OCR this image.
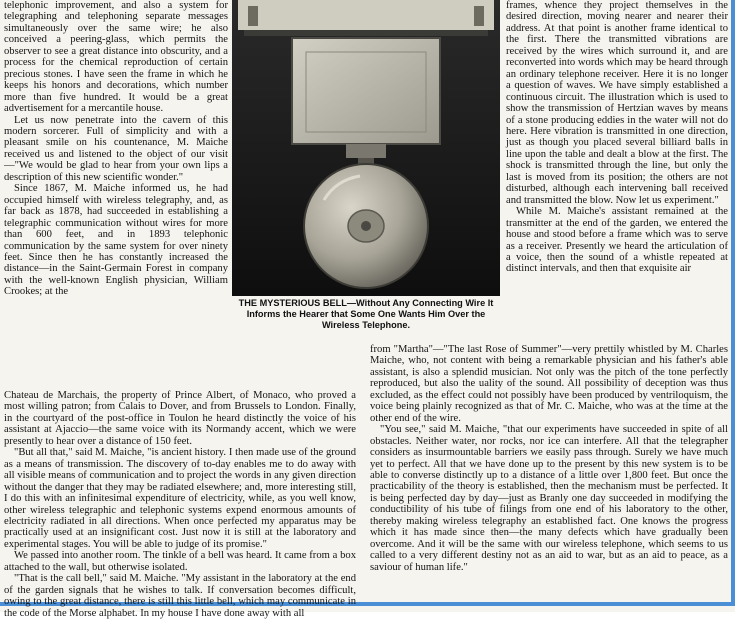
telephonic improvement, and also a system for telegraphing and telephoning separate messages simultaneously over the same wire; he also conceived a peering-glass, which permits the observer to see a great distance into obscurity, and a process for the chemical reproduction of certain precious stones. I have seen the frame in which he keeps his honors and decorations, which number more than five hundred. It would be a great advertisement for a mercantile house.

Let us now penetrate into the cavern of this modern sorcerer. Full of simplicity and with a pleasant smile on his countenance, M. Maiche received us and listened to the object of our visit—"We would be glad to hear from your own lips a description of this new scientific wonder."

Since 1867, M. Maiche informed us, he had occupied himself with wireless telegraphy, and, as far back as 1878, had succeeded in establishing a telegraphic communication without wires for more than 600 feet, and in 1893 telephonic communication by the same system for over ninety feet. Since then he has constantly increased the distance—in the Saint-Germain Forest in company with the well-known English physician, William Crookes; at the

THE MYSTERIOUS BELL—Without Any Connecting Wire It Informs the Hearer that Some One Wants Him Over the Wireless Telephone.

frames, whence they project themselves in the desired direction, moving nearer and nearer their address. At that point is another frame identical to the first. There the transmitted vibrations are received by the wires which surround it, and are reconverted into words which may be heard through an ordinary telephone receiver. Here it is no longer a question of waves. We have simply established a continuous circuit. The illustration which is used to show the transmission of Hertzian waves by means of a stone producing eddies in the water will not do here. Here vibration is transmitted in one direction, just as though you placed several billiard balls in line upon the table and dealt a blow at the first. The shock is transmitted through the line, but only the last is moved from its position; the others are not disturbed, although each intervening ball received and transmitted the blow. Now let us experiment."

While M. Maiche's assistant remained at the transmitter at the end of the garden, we entered the house and stood before a frame which was to serve as a receiver. Presently we heard the articulation of a voice, then the sound of a whistle repeated at distinct intervals, and then that exquisite air

Chateau de Marchais, the property of Prince Albert, of Monaco, who proved a most willing patron; from Calais to Dover, and from Brussels to London. Finally, in the courtyard of the post-office in Toulon he heard distinctly the voice of his assistant at Ajaccio—the same voice with its Normandy accent, which we were presently to hear over a distance of 150 feet.

"But all that," said M. Maiche, "is ancient history. I then made use of the ground as a means of transmission. The discovery of to-day enables me to do away with all visible means of communication and to project the words in any given direction without the danger that they may be radiated elsewhere; and, more interesting still, I do this with an infinitesimal expenditure of electricity, while, as you well know, other wireless telegraphic and telephonic systems expend enormous amounts of electricity radiated in all directions. When once perfected my apparatus may be practically used at an insignificant cost. Just now it is still at the laboratory and experimental stages. You will be able to judge of its promise."

We passed into another room. The tinkle of a bell was heard. It came from a box attached to the wall, but otherwise isolated.

"That is the call bell," said M. Maiche. "My assistant in the laboratory at the end of the garden signals that he wishes to talk. If conversation becomes difficult, owing to the great distance, there is still this little bell, which may communicate in the code of the Morse alphabet. In my house I have done away with all

from "Martha"—"The last Rose of Summer"—very prettily whistled by M. Charles Maiche, who, not content with being a remarkable physician and his father's able assistant, is also a splendid musician. Not only was the pitch of the tone perfectly reproduced, but also the uality of the sound. All possibility of deception was thus excluded, as the effect could not possibly have been produced by ventriloquism, the voice being plainly recognized as that of Mr. C. Maiche, who was at the time at the other end of the wire.

"You see," said M. Maiche, "that our experiments have succeeded in spite of all obstacles. Neither water, nor rocks, nor ice can interfere. All that the telegrapher considers as insurmountable barriers we easily pass through. Surely we have much yet to perfect. All that we have done up to the present by this new system is to be able to converse distinctly up to a distance of a little over 1,800 feet. But once the practicability of the theory is established, then the mechanism must be perfected. It is being perfected day by day—just as Branly one day succeeded in modifying the conductibility of his tube of filings from one end of his laboratory to the other, thereby making wireless telegraphy an established fact. One knows the progress which it has made since then—the many defects which have gradually been overcome. And it will be the same with our wireless telephone, which seems to us called to a very different destiny not as an aid to war, but as an aid to peace, as a saviour of human life."
